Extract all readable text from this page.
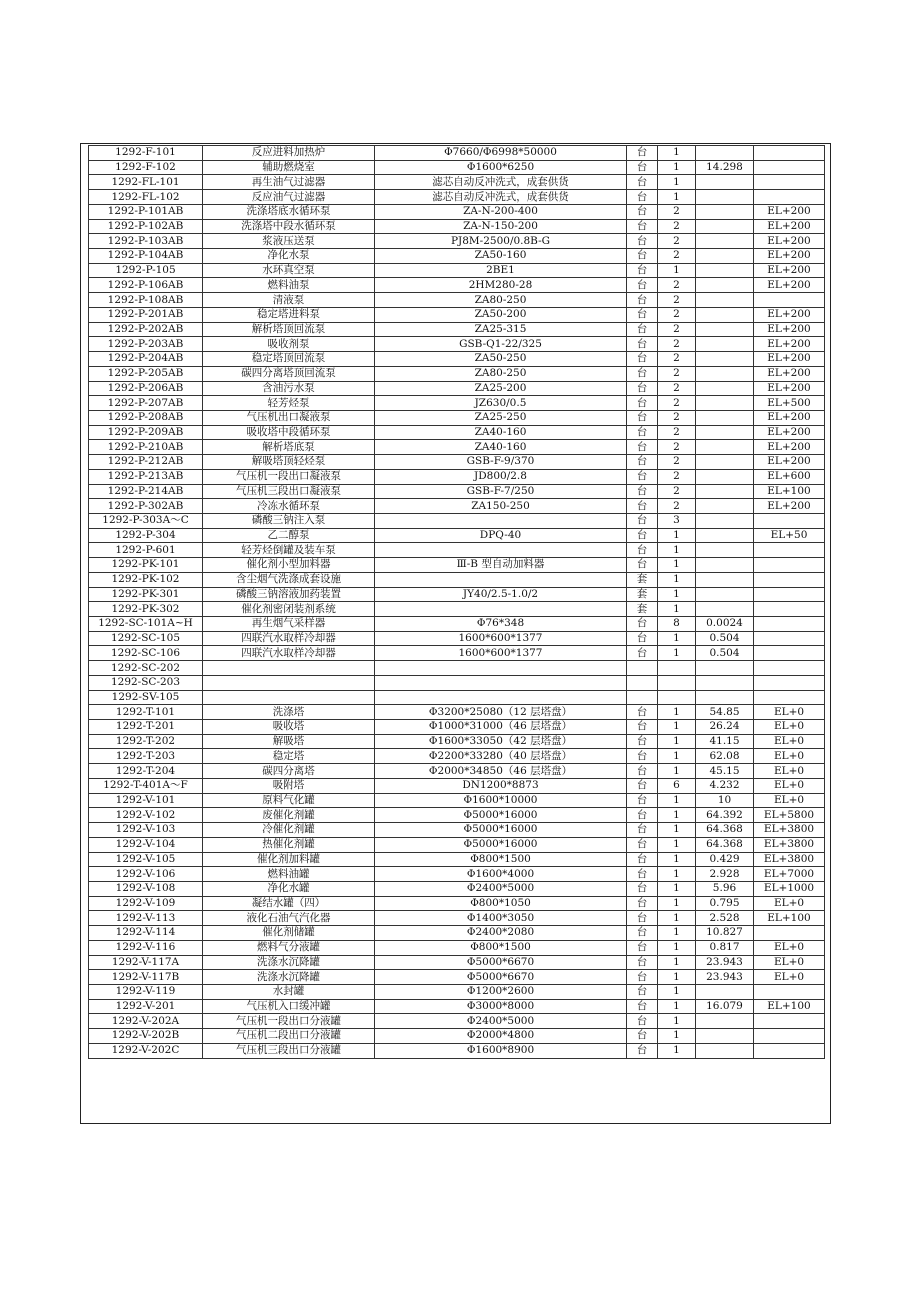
1292-F-101	反应进料加热炉	Φ7660/Φ6998*50000	台	1		
1292-F-102	辅助燃烧室	Φ1600*6250	台	1	14.298	
1292-FL-101	再生油气过滤器	滤芯自动反冲洗式，成套供货	台	1		
1292-FL-102	反应油气过滤器	滤芯自动反冲洗式，成套供货	台	1		
1292-P-101AB	洗涤塔底水循环泵	ZA-N-200-400	台	2		EL+200
1292-P-102AB	洗涤塔中段水循环泵	ZA-N-150-200	台	2		EL+200
1292-P-103AB	浆液压送泵	PJ8M-2500/0.8B-G	台	2		EL+200
1292-P-104AB	净化水泵	ZA50-160	台	2		EL+200
1292-P-105	水环真空泵	2BE1	台	1		EL+200
1292-P-106AB	燃料油泵	2HM280-28	台	2		EL+200
1292-P-108AB	清液泵	ZA80-250	台	2		
1292-P-201AB	稳定塔进料泵	ZA50-200	台	2		EL+200
1292-P-202AB	解析塔顶回流泵	ZA25-315	台	2		EL+200
1292-P-203AB	吸收剂泵	GSB-Q1-22/325	台	2		EL+200
1292-P-204AB	稳定塔顶回流泵	ZA50-250	台	2		EL+200
1292-P-205AB	碳四分离塔顶回流泵	ZA80-250	台	2		EL+200
1292-P-206AB	含油污水泵	ZA25-200	台	2		EL+200
1292-P-207AB	轻芳烃泵	JZ630/0.5	台	2		EL+500
1292-P-208AB	气压机出口凝液泵	ZA25-250	台	2		EL+200
1292-P-209AB	吸收塔中段循环泵	ZA40-160	台	2		EL+200
1292-P-210AB	解析塔底泵	ZA40-160	台	2		EL+200
1292-P-212AB	解吸塔顶轻烃泵	GSB-F-9/370	台	2		EL+200
1292-P-213AB	气压机一段出口凝液泵	JD800/2.8	台	2		EL+600
1292-P-214AB	气压机三段出口凝液泵	GSB-F-7/250	台	2		EL+100
1292-P-302AB	冷冻水循环泵	ZA150-250	台	2		EL+200
1292-P-303A～C	磷酸三钠注入泵		台	3		
1292-P-304	乙二醇泵	DPQ-40	台	1		EL+50
1292-P-601	轻芳烃倒罐及装车泵		台	1		
1292-PK-101	催化剂小型加料器	Ⅲ-B 型自动加料器	台	1		
1292-PK-102	含尘烟气洗涤成套设施		套	1		
1292-PK-301	磷酸三钠溶液加药装置	JY40/2.5-1.0/2	套	1		
1292-PK-302	催化剂密闭装剂系统		套	1		
1292-SC-101A~H	再生烟气采样器	Φ76*348	台	8	0.0024	
1292-SC-105	四联汽水取样冷却器	1600*600*1377	台	1	0.504	
1292-SC-106	四联汽水取样冷却器	1600*600*1377	台	1	0.504	
1292-SC-202						
1292-SC-203						
1292-SV-105						
1292-T-101	洗涤塔	Φ3200*25080（12 层塔盘）	台	1	54.85	EL+0
1292-T-201	吸收塔	Φ1000*31000（46 层塔盘）	台	1	26.24	EL+0
1292-T-202	解吸塔	Φ1600*33050（42 层塔盘）	台	1	41.15	EL+0
1292-T-203	稳定塔	Φ2200*33280（40 层塔盘）	台	1	62.08	EL+0
1292-T-204	碳四分离塔	Φ2000*34850（46 层塔盘）	台	1	45.15	EL+0
1292-T-401A～F	吸附塔	DN1200*8873	台	6	4.232	EL+0
1292-V-101	原料气化罐	Φ1600*10000	台	1	10	EL+0
1292-V-102	废催化剂罐	Φ5000*16000	台	1	64.392	EL+5800
1292-V-103	冷催化剂罐	Φ5000*16000	台	1	64.368	EL+3800
1292-V-104	热催化剂罐	Φ5000*16000	台	1	64.368	EL+3800
1292-V-105	催化剂加料罐	Φ800*1500	台	1	0.429	EL+3800
1292-V-106	燃料油罐	Φ1600*4000	台	1	2.928	EL+7000
1292-V-108	净化水罐	Φ2400*5000	台	1	5.96	EL+1000
1292-V-109	凝结水罐（四）	Φ800*1050	台	1	0.795	EL+0
1292-V-113	液化石油气汽化器	Φ1400*3050	台	1	2.528	EL+100
1292-V-114	催化剂储罐	Φ2400*2080	台	1	10.827	
1292-V-116	燃料气分液罐	Φ800*1500	台	1	0.817	EL+0
1292-V-117A	洗涤水沉降罐	Φ5000*6670	台	1	23.943	EL+0
1292-V-117B	洗涤水沉降罐	Φ5000*6670	台	1	23.943	EL+0
1292-V-119	水封罐	Φ1200*2600	台	1		
1292-V-201	气压机入口缓冲罐	Φ3000*8000	台	1	16.079	EL+100
1292-V-202A	气压机一段出口分液罐	Φ2400*5000	台	1		
1292-V-202B	气压机二段出口分液罐	Φ2000*4800	台	1		
1292-V-202C	气压机三段出口分液罐	Φ1600*8900	台	1		
